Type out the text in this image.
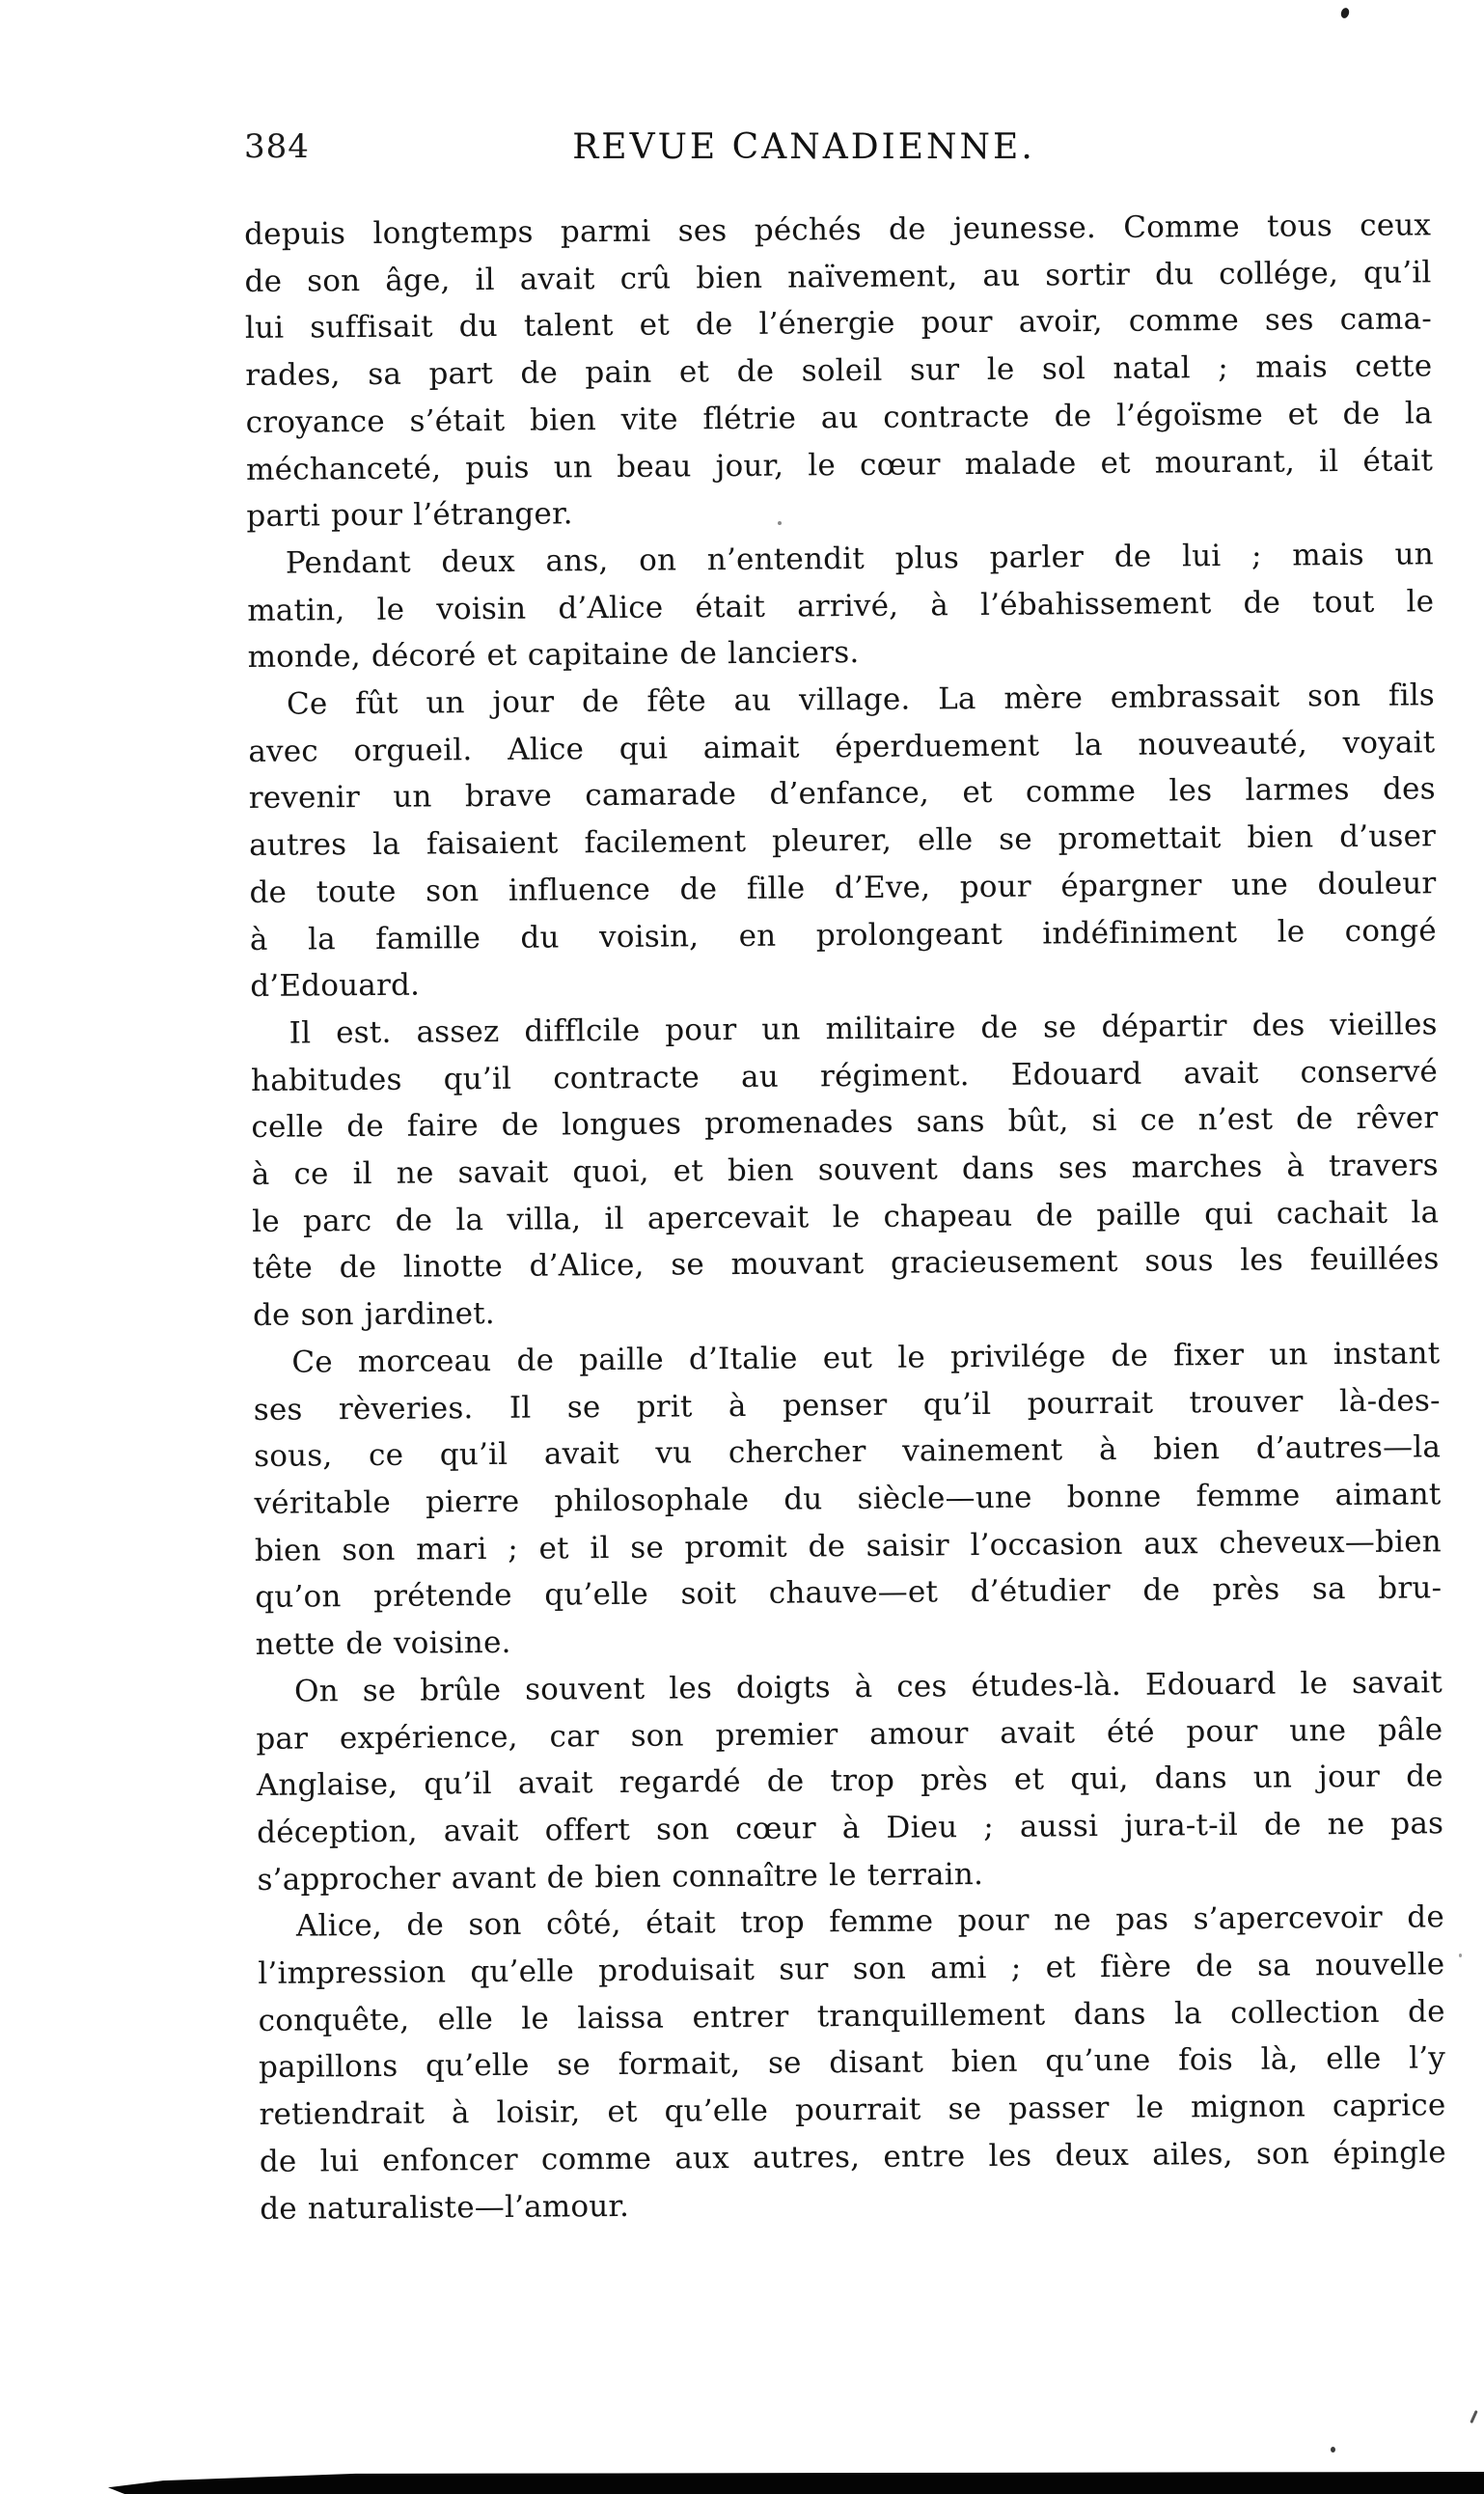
384	REVUE CANADIENNE.
depuis longtemps parmi ses péchés de jeunesse. Comme tous ceux
de son âge, il avait crû bien naïvement, au sortir du collége, qu’il
lui suffisait du talent et de l’énergie pour avoir, comme ses cama-
rades, sa part de pain et de soleil sur le sol natal ; mais cette
croyance s’était bien vite flétrie au contracte de l’égoïsme et de la
méchanceté, puis un beau jour, le cœur malade et mourant, il était
parti pour l’étranger.
Pendant deux ans, on n’entendit plus parler de lui ; mais un
matin, le voisin d’Alice était arrivé, à l’ébahissement de tout le
monde, décoré et capitaine de lanciers.
Ce fût un jour de fête au village. La mère embrassait son fils
avec orgueil. Alice qui aimait éperduement la nouveauté, voyait
revenir un brave camarade d’enfance, et comme les larmes des
autres la faisaient facilement pleurer, elle se promettait bien d’user
de toute son influence de fille d’Eve, pour épargner une douleur
à la famille du voisin, en prolongeant indéfiniment le congé
d’Edouard.
Il est. assez difflcile pour un militaire de se départir des vieilles
habitudes qu’il contracte au régiment. Edouard avait conservé
celle de faire de longues promenades sans bût, si ce n’est de rêver
à ce il ne savait quoi, et bien souvent dans ses marches à travers
le parc de la villa, il apercevait le chapeau de paille qui cachait la
tête de linotte d’Alice, se mouvant gracieusement sous les feuillées
de son jardinet.
Ce morceau de paille d’Italie eut le privilége de fixer un instant
ses rèveries. Il se prit à penser qu’il pourrait trouver là-des-
sous, ce qu’il avait vu chercher vainement à bien d’autres—la
véritable pierre philosophale du siècle—une bonne femme aimant
bien son mari ; et il se promit de saisir l’occasion aux cheveux—bien
qu’on prétende qu’elle soit chauve—et d’étudier de près sa bru-
nette de voisine.
On se brûle souvent les doigts à ces études-là. Edouard le savait
par expérience, car son premier amour avait été pour une pâle
Anglaise, qu’il avait regardé de trop près et qui, dans un jour de
déception, avait offert son cœur à Dieu ; aussi jura-t-il de ne pas
s’approcher avant de bien connaître le terrain.
Alice, de son côté, était trop femme pour ne pas s’apercevoir de
l’impression qu’elle produisait sur son ami ; et fière de sa nouvelle
conquête, elle le laissa entrer tranquillement dans la collection de
papillons qu’elle se formait, se disant bien qu’une fois là, elle l’y
retiendrait à loisir, et qu’elle pourrait se passer le mignon caprice
de lui enfoncer comme aux autres, entre les deux ailes, son épingle
de naturaliste—l’amour.
